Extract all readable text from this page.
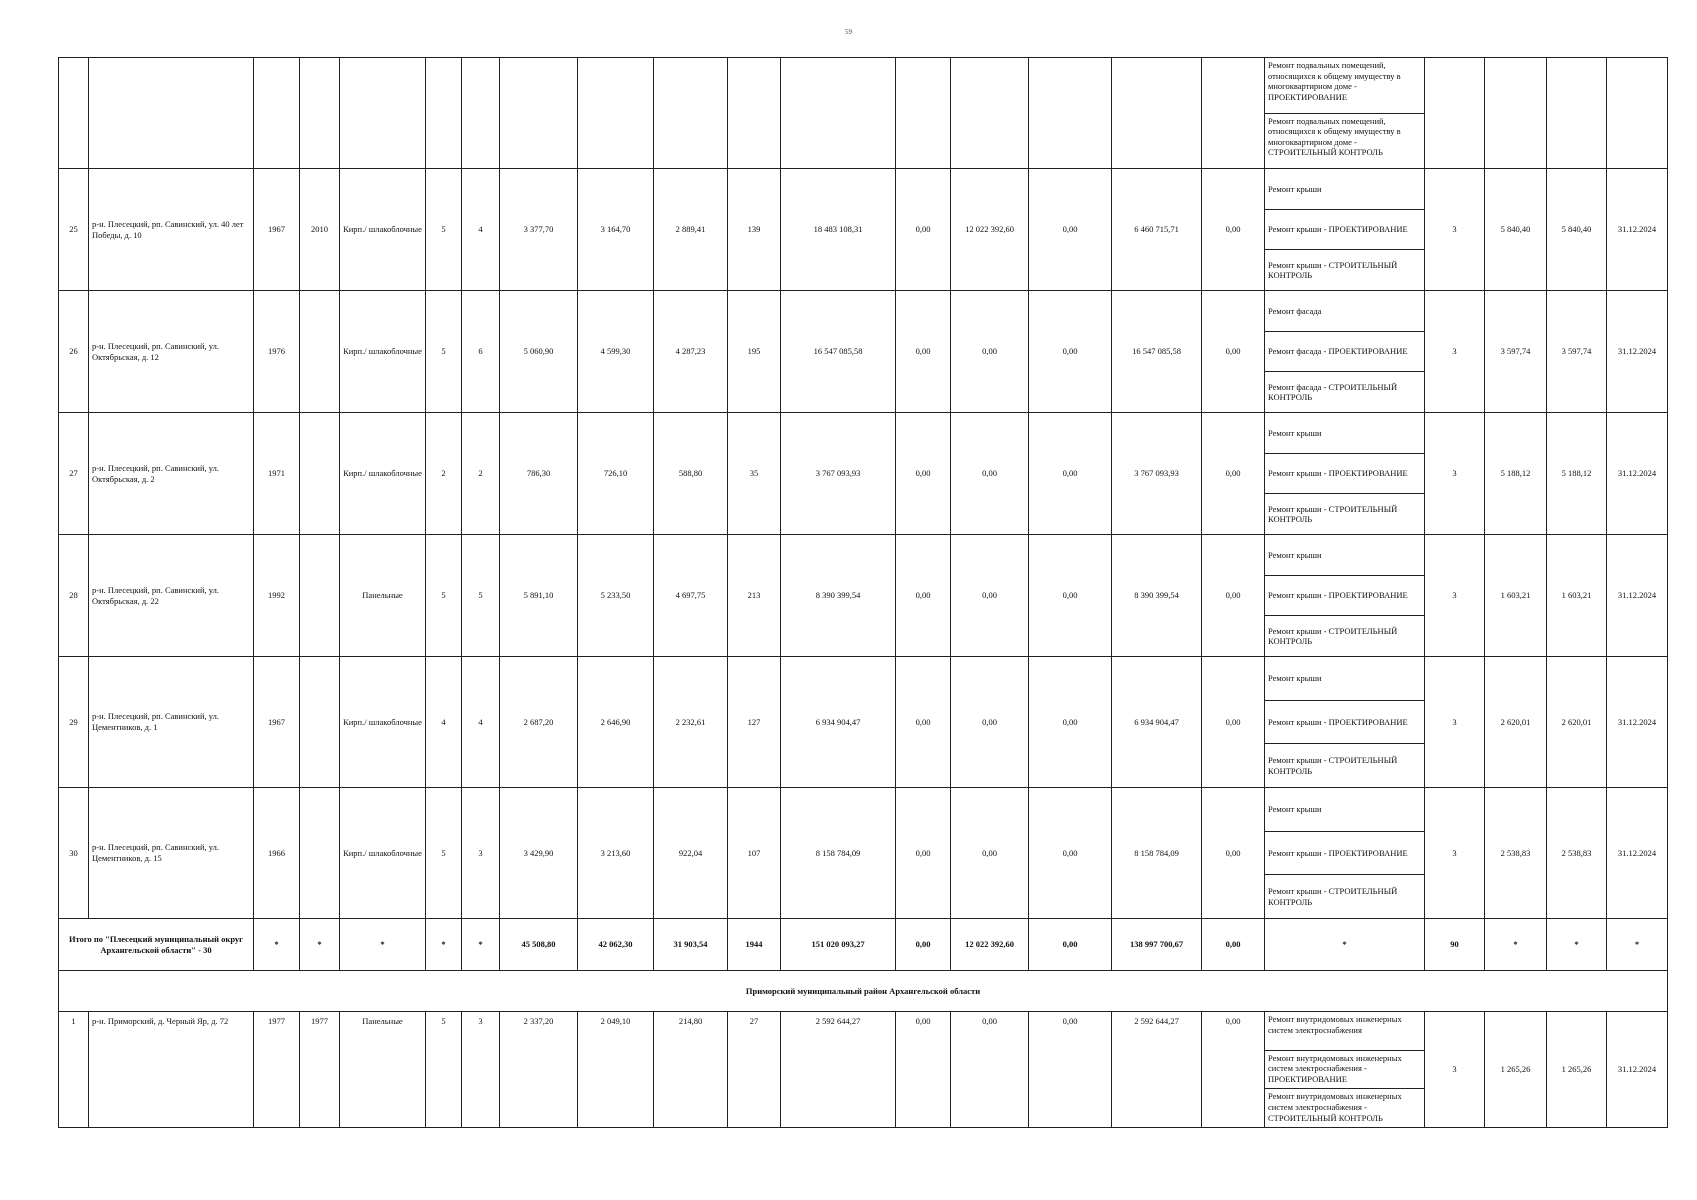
59

Ремонт подвальных помещений, относящихся к общему имуществу в многоквартирном доме - ПРОЕКТИРОВАНИЕ
Ремонт подвальных помещений, относящихся к общему имуществу в многоквартирном доме - СТРОИТЕЛЬНЫЙ КОНТРОЛЬ				

25	р-н. Плесецкий, рп. Савинский, ул. 40 лет Победы, д. 10	1967	2010	Кирп./ шлакоблочные	5	4	3 377,70	3 164,70	2 889,41	139	18 483 108,31	0,00	12 022 392,60	0,00	6 460 715,71	0,00	Ремонт крыши
Ремонт крыши - ПРОЕКТИРОВАНИЕ
Ремонт крыши - СТРОИТЕЛЬНЫЙ КОНТРОЛЬ	3	5 840,40	5 840,40	31.12.2024
26	р-н. Плесецкий, рп. Савинский, ул. Октябрьская, д. 12	1976		Кирп./ шлакоблочные	5	6	5 060,90	4 599,30	4 287,23	195	16 547 085,58	0,00	0,00	0,00	16 547 085,58	0,00	Ремонт фасада
Ремонт фасада - ПРОЕКТИРОВАНИЕ
Ремонт фасада - СТРОИТЕЛЬНЫЙ КОНТРОЛЬ	3	3 597,74	3 597,74	31.12.2024
27	р-н. Плесецкий, рп. Савинский, ул. Октябрьская, д. 2	1971		Кирп./ шлакоблочные	2	2	786,30	726,10	588,80	35	3 767 093,93	0,00	0,00	0,00	3 767 093,93	0,00	Ремонт крыши
Ремонт крыши - ПРОЕКТИРОВАНИЕ
Ремонт крыши - СТРОИТЕЛЬНЫЙ КОНТРОЛЬ	3	5 188,12	5 188,12	31.12.2024
28	р-н. Плесецкий, рп. Савинский, ул. Октябрьская, д. 22	1992		Панельные	5	5	5 891,10	5 233,50	4 697,75	213	8 390 399,54	0,00	0,00	0,00	8 390 399,54	0,00	Ремонт крыши
Ремонт крыши - ПРОЕКТИРОВАНИЕ
Ремонт крыши - СТРОИТЕЛЬНЫЙ КОНТРОЛЬ	3	1 603,21	1 603,21	31.12.2024
29	р-н. Плесецкий, рп. Савинский, ул. Цементников, д. 1	1967		Кирп./ шлакоблочные	4	4	2 687,20	2 646,90	2 232,61	127	6 934 904,47	0,00	0,00	0,00	6 934 904,47	0,00	Ремонт крыши
Ремонт крыши - ПРОЕКТИРОВАНИЕ
Ремонт крыши - СТРОИТЕЛЬНЫЙ КОНТРОЛЬ	3	2 620,01	2 620,01	31.12.2024
30	р-н. Плесецкий, рп. Савинский, ул. Цементников, д. 15	1966		Кирп./ шлакоблочные	5	3	3 429,90	3 213,60	922,04	107	8 158 784,09	0,00	0,00	0,00	8 158 784,09	0,00	Ремонт крыши
Ремонт крыши - ПРОЕКТИРОВАНИЕ
Ремонт крыши - СТРОИТЕЛЬНЫЙ КОНТРОЛЬ	3	2 538,83	2 538,83	31.12.2024
Итого по "Плесецкий муниципальный округ Архангельской области" - 30		*	*	*	*	*	45 508,80	42 062,30	31 903,54	1944	151 020 093,27	0,00	12 022 392,60	0,00	138 997 700,67	0,00	*	90	*	*	*
Приморский муниципальный район Архангельской области																					
1	р-н. Приморский, д. Черный Яр, д. 72	1977	1977	Панельные	5	3	2 337,20	2 049,10	214,80	27	2 592 644,27	0,00	0,00	0,00	2 592 644,27	0,00	Ремонт внутридомовых инженерных систем электроснабжения
Ремонт внутридомовых инженерных систем электроснабжения - ПРОЕКТИРОВАНИЕ
Ремонт внутридомовых инженерных систем электроснабжения - СТРОИТЕЛЬНЫЙ КОНТРОЛЬ	3	1 265,26	1 265,26	31.12.2024
